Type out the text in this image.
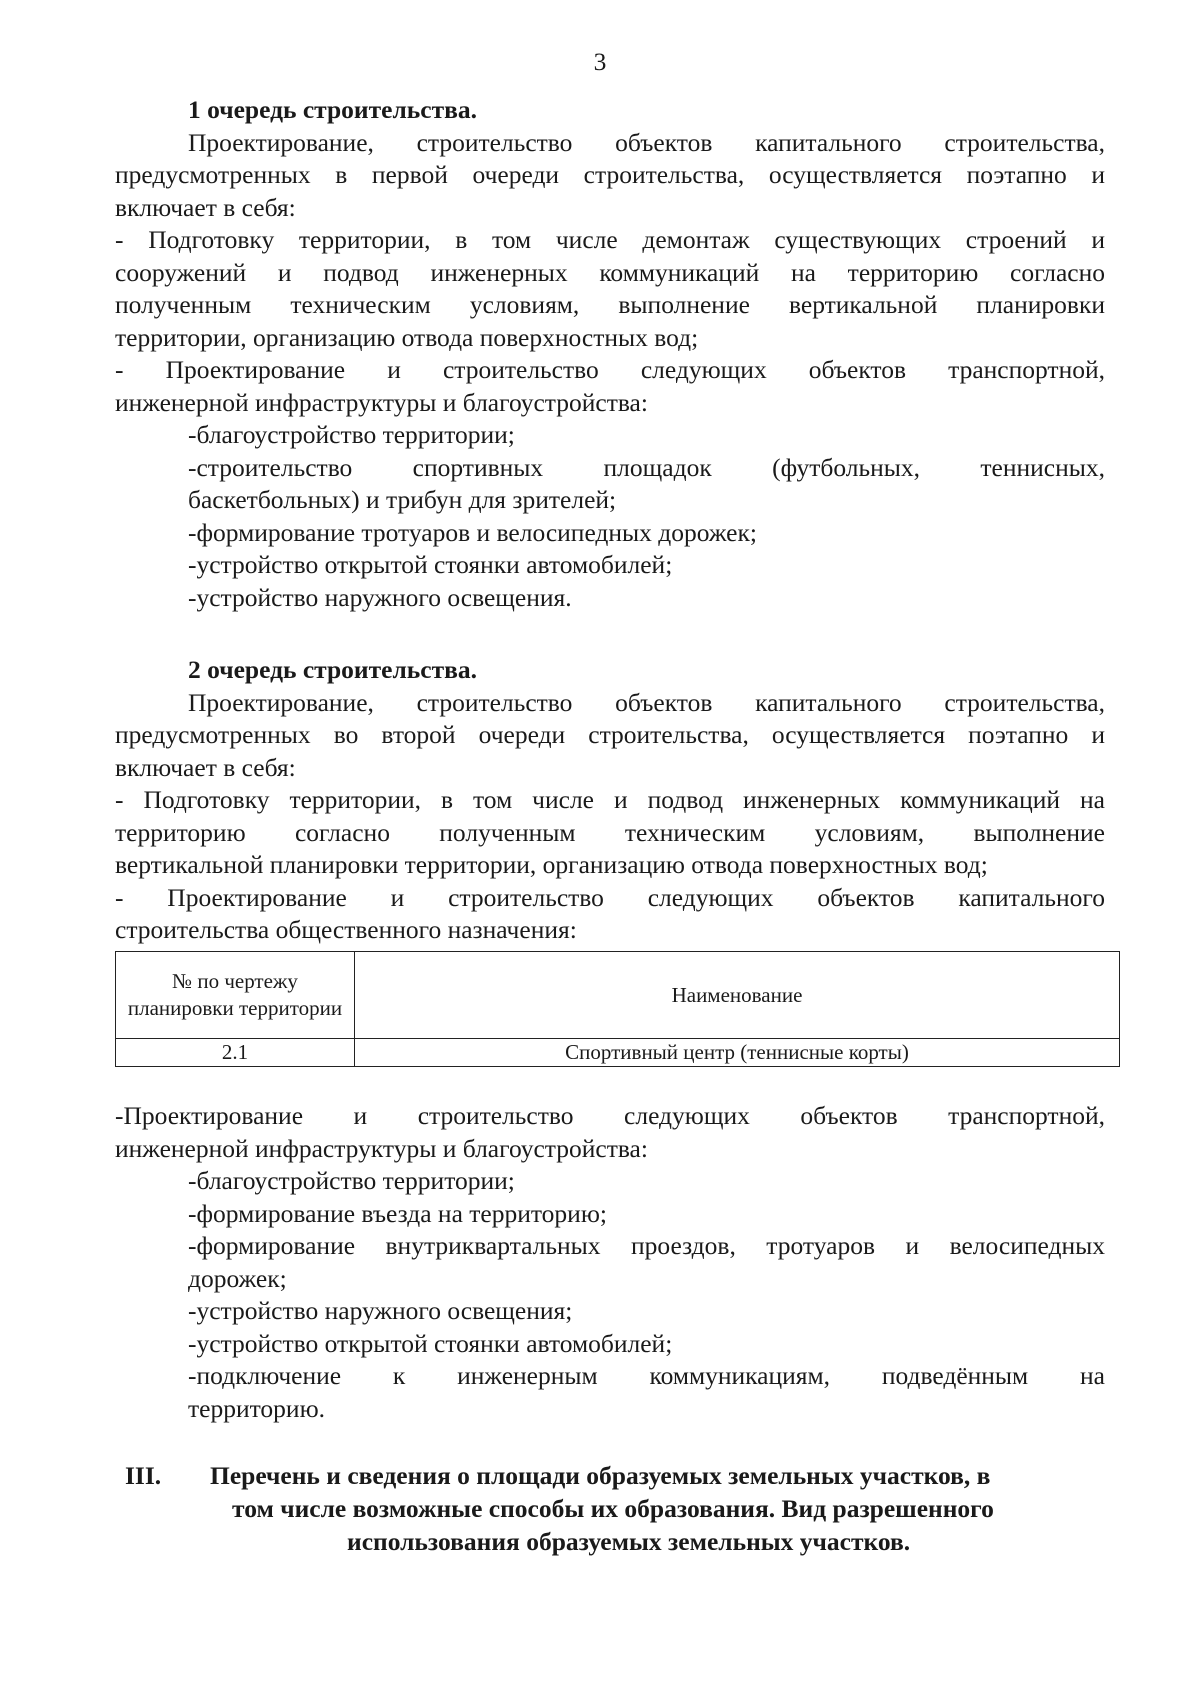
3

1 очередь строительства.

Проектирование, строительство объектов капитального строительства,

предусмотренных в первой очереди строительства, осуществляется поэтапно и

включает в себя:

- Подготовку территории, в том числе демонтаж существующих строений и

сооружений и подвод инженерных коммуникаций на территорию согласно

полученным техническим условиям, выполнение вертикальной планировки

территории, организацию отвода поверхностных вод;

- Проектирование и строительство следующих объектов транспортной,

инженерной инфраструктуры и благоустройства:

-благоустройство территории;

-строительство спортивных площадок (футбольных, теннисных,

баскетбольных) и трибун для зрителей;

-формирование тротуаров и велосипедных дорожек;

-устройство открытой стоянки автомобилей;

-устройство наружного освещения.

2 очередь строительства.

Проектирование, строительство объектов капитального строительства,

предусмотренных во второй очереди строительства, осуществляется поэтапно и

включает в себя:

- Подготовку территории, в том числе и подвод инженерных коммуникаций на

территорию согласно полученным техническим условиям, выполнение

вертикальной планировки территории, организацию отвода поверхностных вод;

- Проектирование и строительство следующих объектов капитального

строительства общественного назначения:

№ по чертежу планировки территории	Наименование
2.1	Спортивный центр (теннисные корты)

-Проектирование и строительство следующих объектов транспортной,

инженерной инфраструктуры и благоустройства:

-благоустройство территории;

-формирование въезда на территорию;

-формирование внутриквартальных проездов, тротуаров и велосипедных

дорожек;

-устройство наружного освещения;

-устройство открытой стоянки автомобилей;

-подключение к инженерным коммуникациям, подведённым на

территорию.

III. Перечень и сведения о площади образуемых земельных участков, в
том числе возможные способы их образования. Вид разрешенного
использования образуемых земельных участков.
